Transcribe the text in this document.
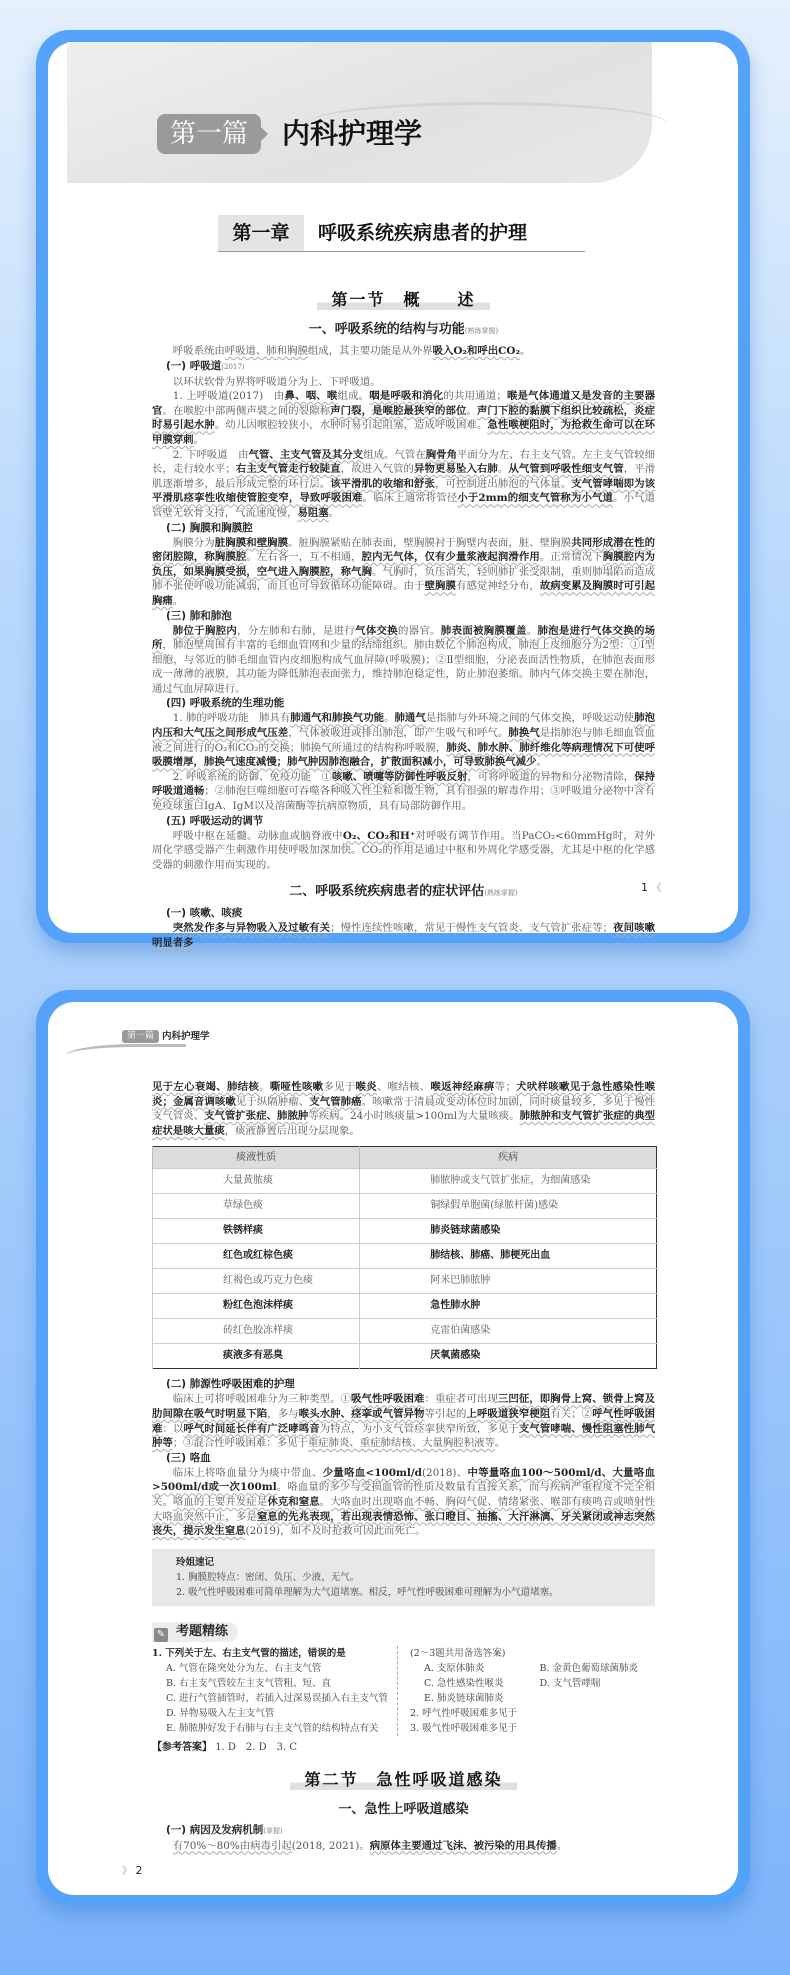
第一篇	内科护理学
第一章	呼吸系统疾病患者的护理
第一节　概　　述
一、呼吸系统的结构与功能(熟练掌握)
呼吸系统由呼吸道、肺和胸膜组成，其主要功能是从外界吸入O₂和呼出CO₂。
(一) 呼吸道(2017)
以环状软骨为界将呼吸道分为上、下呼吸道。
1. 上呼吸道(2017)　由鼻、咽、喉组成。咽是呼吸和消化的共用通道；喉是气体通道又是发音的主要器官。在喉腔中部两侧声襞之间的裂隙称声门裂，是喉腔最狭窄的部位。声门下腔的黏膜下组织比较疏松，炎症时易引起水肿。幼儿因喉腔较狭小，水肿时易引起阻塞，造成呼吸困难。急性喉梗阻时，为抢救生命可以在环甲膜穿刺。
2. 下呼吸道　由气管、主支气管及其分支组成。气管在胸骨角平面分为左、右主支气管。左主支气管较细长，走行较水平；右主支气管走行较陡直，故进入气管的异物更易坠入右肺。从气管到呼吸性细支气管，平滑肌逐渐增多，最后形成完整的环行层。该平滑肌的收缩和舒张，可控制进出肺泡的气体量。支气管哮喘即为该平滑肌痉挛性收缩使管腔变窄，导致呼吸困难。临床上通常将管径小于2mm的细支气管称为小气道。小气道管壁无软骨支持，气流速度慢，易阻塞。
(二) 胸膜和胸膜腔
胸膜分为脏胸膜和壁胸膜。脏胸膜紧贴在肺表面，壁胸膜衬于胸壁内表面，脏、壁胸膜共同形成潜在性的密闭腔隙，称胸膜腔。左右各一，互不相通，腔内无气体，仅有少量浆液起润滑作用。正常情况下胸膜腔内为负压，如果胸膜受损，空气进入胸膜腔，称气胸。气胸时，负压消失，轻则肺扩张受限制，重则肺塌陷而造成肺不张使呼吸功能减弱，而且也可导致循环功能障碍。由于壁胸膜有感觉神经分布，故病变累及胸膜时可引起胸痛。
(三) 肺和肺泡
肺位于胸腔内，分左肺和右肺，是进行气体交换的器官。肺表面被胸膜覆盖。肺泡是进行气体交换的场所，肺泡壁周围有丰富的毛细血管网和少量的结缔组织。肺由数亿个肺泡构成，肺泡上皮细胞分为2型：①Ⅰ型细胞，与邻近的肺毛细血管内皮细胞构成气血屏障(呼吸膜)；②Ⅱ型细胞，分泌表面活性物质，在肺泡表面形成一薄薄的液膜，其功能为降低肺泡表面张力，维持肺泡稳定性，防止肺泡萎缩。肺内气体交换主要在肺泡，通过气血屏障进行。
(四) 呼吸系统的生理功能
1. 肺的呼吸功能　肺具有肺通气和肺换气功能。肺通气是指肺与外环境之间的气体交换，呼吸运动使肺泡内压和大气压之间形成气压差，气体被吸进或排出肺泡，即产生吸气和呼气。肺换气是指肺泡与肺毛细血管血液之间进行的O₂和CO₂的交换；肺换气所通过的结构称呼吸膜，肺炎、肺水肿、肺纤维化等病理情况下可使呼吸膜增厚，肺换气速度减慢；肺气肿因肺泡融合，扩散面积减小，可导致肺换气减少。
2. 呼吸系统的防御、免疫功能　①咳嗽、喷嚏等防御性呼吸反射，可将呼吸道的异物和分泌物清除，保持呼吸道通畅；②肺泡巨噬细胞可吞噬各种吸入性尘粒和微生物，具有很强的解毒作用；③呼吸道分泌物中含有免疫球蛋白IgA、IgM以及溶菌酶等抗病原物质，具有局部防御作用。
(五) 呼吸运动的调节
呼吸中枢在延髓。动脉血或脑脊液中O₂、CO₂和H⁺对呼吸有调节作用。当PaCO₂<60mmHg时，对外周化学感受器产生刺激作用使呼吸加深加快。CO₂的作用是通过中枢和外周化学感受器，尤其是中枢的化学感受器的刺激作用而实现的。
二、呼吸系统疾病患者的症状评估(熟练掌握)
(一) 咳嗽、咳痰
突然发作多与异物吸入及过敏有关；慢性连续性咳嗽，常见于慢性支气管炎、支气管扩张症等；夜间咳嗽明显者多
1 《
第一篇 内科护理学
见于左心衰竭、肺结核。嘶哑性咳嗽多见于喉炎、喉结核、喉返神经麻痹等；犬吠样咳嗽见于急性感染性喉炎；金属音调咳嗽见于纵隔肿瘤、支气管肺癌。咳嗽常于清晨或变动体位时加剧，同时痰量较多，多见于慢性支气管炎、支气管扩张症、肺脓肿等疾病。24小时咳痰量>100ml为大量咳痰。肺脓肿和支气管扩张症的典型症状是咳大量痰，痰液静置后出现分层现象。
痰液性质	疾病
大量黄脓痰	肺脓肿或支气管扩张症，为细菌感染
草绿色痰	铜绿假单胞菌(绿脓杆菌)感染
铁锈样痰	肺炎链球菌感染
红色或红棕色痰	肺结核、肺癌、肺梗死出血
红褐色或巧克力色痰	阿米巴肺脓肿
粉红色泡沫样痰	急性肺水肿
砖红色胶冻样痰	克雷伯菌感染
痰液多有恶臭	厌氧菌感染
(二) 肺源性呼吸困难的护理
临床上可将呼吸困难分为三种类型。①吸气性呼吸困难：重症者可出现三凹征，即胸骨上窝、锁骨上窝及肋间隙在吸气时明显下陷，多与喉头水肿、痉挛或气管异物等引起的上呼吸道狭窄梗阻有关；②呼气性呼吸困难：以呼气时间延长伴有广泛哮鸣音为特点，为小支气管痉挛狭窄所致，多见于支气管哮喘、慢性阻塞性肺气肿等；③混合性呼吸困难：多见于重症肺炎、重症肺结核、大量胸腔积液等。
(三) 咯血
临床上将咯血量分为痰中带血、少量咯血<100ml/d(2018)、中等量咯血100～500ml/d、大量咯血>500ml/d或一次100ml。咯血量的多少与受损血管的性质及数量有直接关系，而与疾病严重程度不完全相关。咯血的主要并发症是休克和窒息。大咯血时出现咯血不畅、胸闷气促、情绪紧张、喉部有痰鸣音或喷射性大咯血突然中止，多是窒息的先兆表现，若出现表情恐怖、张口瞪目、抽搐、大汗淋漓、牙关紧闭或神志突然丧失，提示发生窒息(2019)，如不及时抢救可因此而死亡。
玲姐速记
1. 胸膜腔特点：密闭、负压、少液、无气。
2. 吸气性呼吸困难可简单理解为大气道堵塞。相反，呼气性呼吸困难可理解为小气道堵塞。
✎ 考题精练
1. 下列关于左、右主支气管的描述，错误的是
A. 气管在隆突处分为左、右主支气管
B. 右主支气管较左主支气管粗、短、直
C. 进行气管插管时，若插入过深易误插入右主支气管
D. 异物易吸入左主支气管
E. 肺脓肿好发于右肺与右主支气管的结构特点有关
(2～3题共用备选答案)
A. 支原体肺炎	B. 金黄色葡萄球菌肺炎
C. 急性感染性喉炎	D. 支气管哮喘
E. 肺炎链球菌肺炎
2. 呼气性呼吸困难多见于
3. 吸气性呼吸困难多见于
【参考答案】 1. D　2. D　3. C
第二节　急性呼吸道感染
一、急性上呼吸道感染
(一) 病因及发病机制(掌握)
有70%～80%由病毒引起(2018, 2021)。病原体主要通过飞沫、被污染的用具传播。
》 2
